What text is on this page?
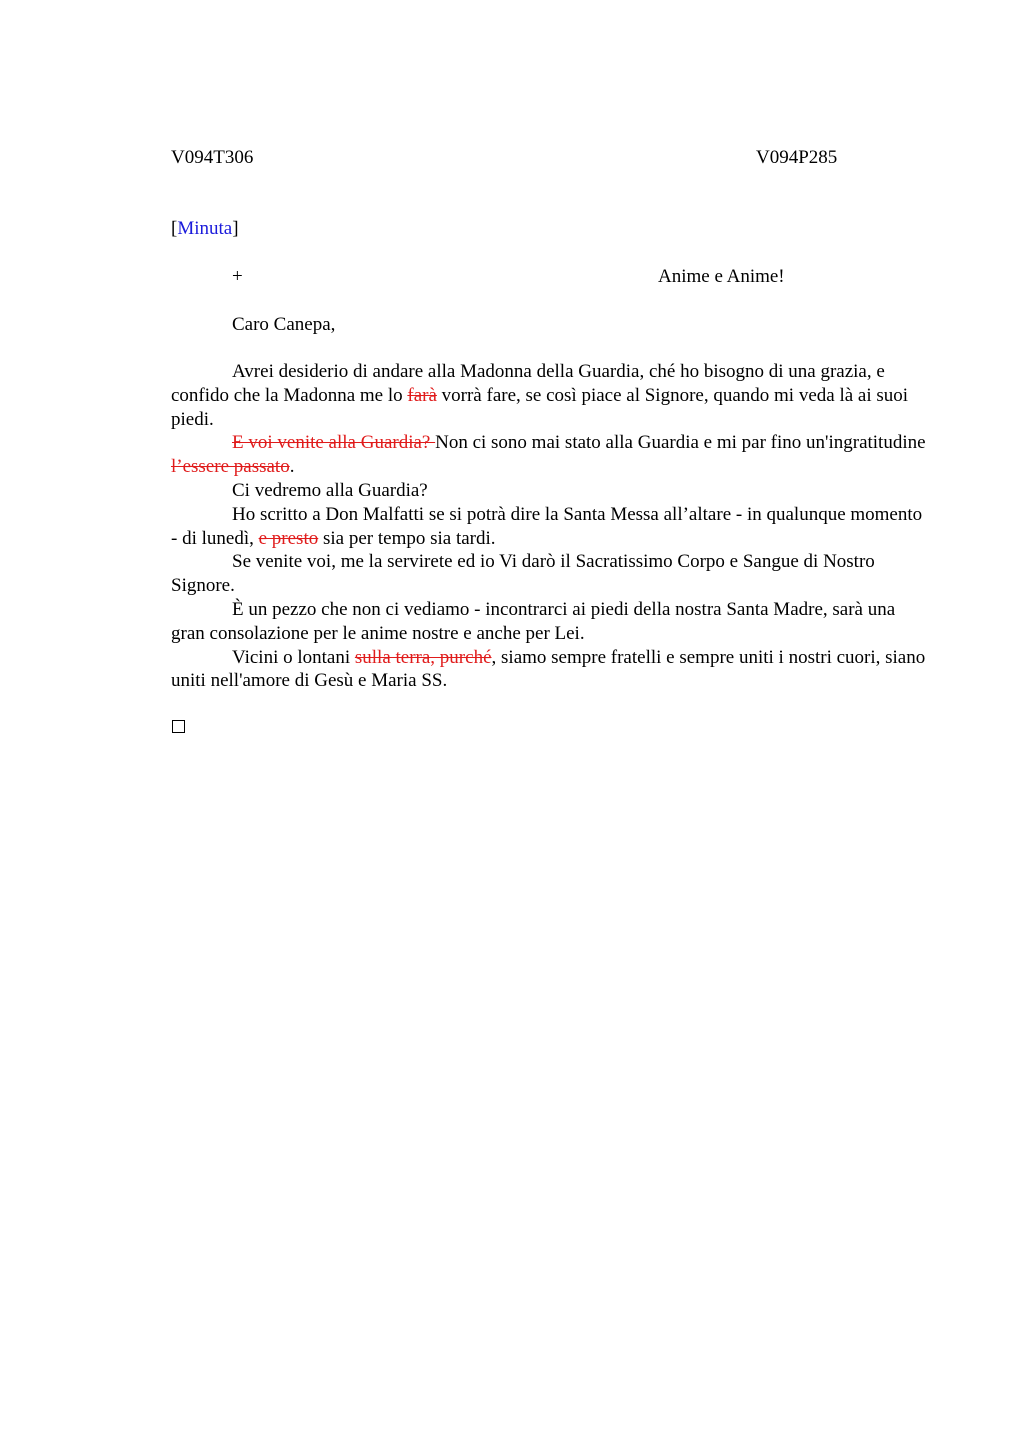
V094T306	V094P285
[Minuta]
+	Anime e Anime!
Caro Canepa,

Avrei desiderio di andare alla Madonna della Guardia, ché ho bisogno di una grazia, e confido che la Madonna me lo farà vorrà fare, se così piace al Signore, quando mi veda là ai suoi piedi.

E voi venite alla Guardia? Non ci sono mai stato alla Guardia e mi par fino un'ingratitudine l’essere passato.

Ci vedremo alla Guardia?

Ho scritto a Don Malfatti se si potrà dire la Santa Messa all’altare - in qualunque momento - di lunedì, e presto sia per tempo sia tardi.

Se venite voi, me la servirete ed io Vi darò il Sacratissimo Corpo e Sangue di Nostro Signore.

È un pezzo che non ci vediamo - incontrarci ai piedi della nostra Santa Madre, sarà una gran consolazione per le anime nostre e anche per Lei.

Vicini o lontani sulla terra, purché, siamo sempre fratelli e sempre uniti i nostri cuori, siano uniti nell'amore di Gesù e Maria SS.
